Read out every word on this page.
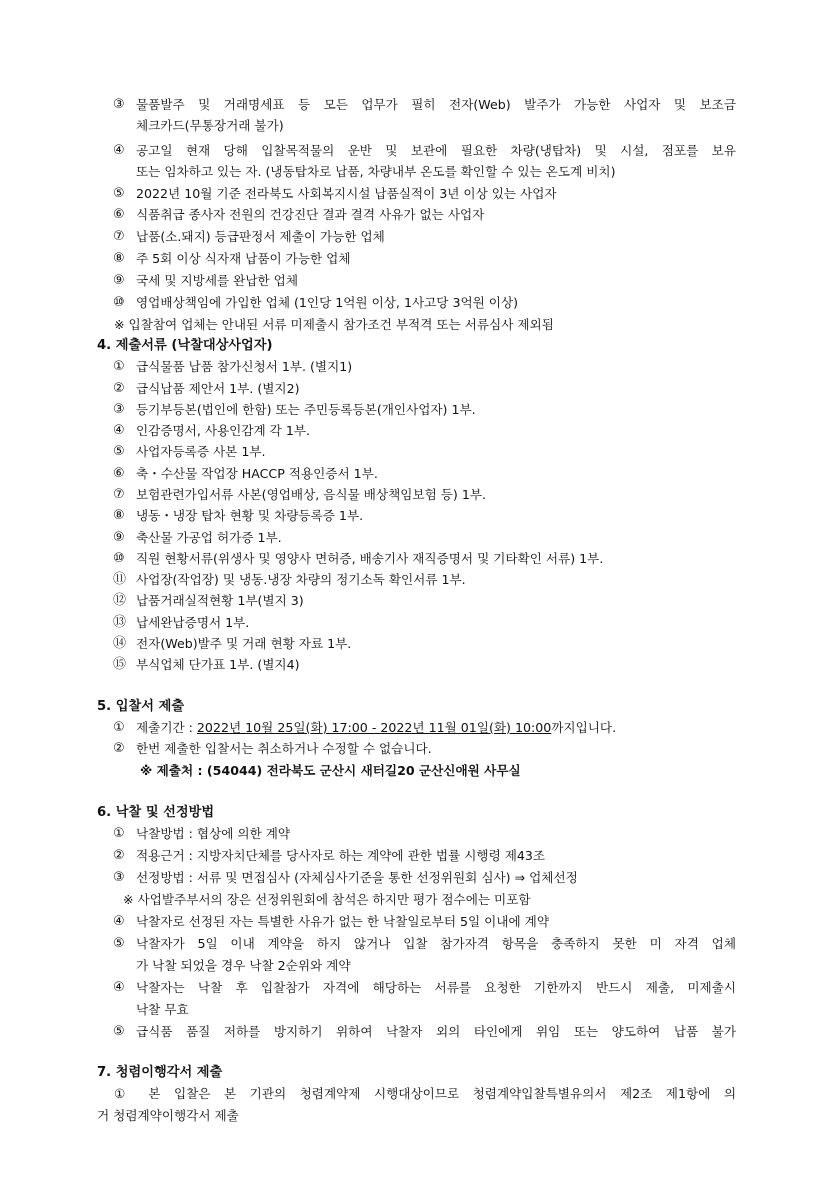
③ 물품발주 및 거래명세표 등 모든 업무가 필히 전자(Web) 발주가 가능한 사업자 및 보조금
체크카드(무통장거래 불가)
④ 공고일 현재 당해 입찰목적물의 운반 및 보관에 필요한 차량(냉탑차) 및 시설, 점포를 보유
또는 임차하고 있는 자. (냉동탑차로 납품, 차량내부 온도를 확인할 수 있는 온도계 비치)
⑤ 2022년 10월 기준 전라북도 사회복지시설 납품실적이 3년 이상 있는 사업자
⑥ 식품취급 종사자 전원의 건강진단 결과 결격 사유가 없는 사업자
⑦ 납품(소.돼지) 등급판정서 제출이 가능한 업체
⑧ 주 5회 이상 식자재 납품이 가능한 업체
⑨ 국세 및 지방세를 완납한 업체
⑩ 영업배상책임에 가입한 업체 (1인당 1억원 이상, 1사고당 3억원 이상)
※ 입찰참여 업체는 안내된 서류 미제출시 참가조건 부적격 또는 서류심사 제외됨
4. 제출서류 (낙찰대상사업자)
① 급식물품 납품 참가신청서 1부. (별지1)
② 급식납품 제안서 1부. (별지2)
③ 등기부등본(법인에 한함) 또는 주민등록등본(개인사업자) 1부.
④ 인감증명서, 사용인감계 각 1부.
⑤ 사업자등록증 사본 1부.
⑥ 축・수산물 작업장 HACCP 적용인증서 1부.
⑦ 보험관련가입서류 사본(영업배상, 음식물 배상책임보험 등) 1부.
⑧ 냉동・냉장 탑차 현황 및 차량등록증 1부.
⑨ 축산물 가공업 허가증 1부.
⑩ 직원 현황서류(위생사 및 영양사 면허증, 배송기사 재직증명서 및 기타확인 서류) 1부.
⑪ 사업장(작업장) 및 냉동.냉장 차량의 정기소독 확인서류 1부.
⑫ 납품거래실적현황 1부(별지 3)
⑬ 납세완납증명서 1부.
⑭ 전자(Web)발주 및 거래 현황 자료 1부.
⑮ 부식업체 단가표 1부. (별지4)
5. 입찰서 제출
① 제출기간 : 2022년 10월 25일(화) 17:00 - 2022년 11월 01일(화) 10:00까지입니다.
② 한번 제출한 입찰서는 취소하거나 수정할 수 없습니다.
※ 제출처 : (54044) 전라북도 군산시 새터길20 군산신애원 사무실
6. 낙찰 및 선정방법
① 낙찰방법 : 협상에 의한 계약
② 적용근거 : 지방자치단체를 당사자로 하는 계약에 관한 법률 시행령 제43조
③ 선정방법 : 서류 및 면접심사 (자체심사기준을 통한 선정위원회 심사) ⇒ 업체선정
※ 사업발주부서의 장은 선정위원회에 참석은 하지만 평가 점수에는 미포함
④ 낙찰자로 선정된 자는 특별한 사유가 없는 한 낙찰일로부터 5일 이내에 계약
⑤ 낙찰자가 5일 이내 계약을 하지 않거나 입찰 참가자격 항목을 충족하지 못한 미 자격 업체
가 낙찰 되었을 경우 낙찰 2순위와 계약
④ 낙찰자는 낙찰 후 입찰참가 자격에 해당하는 서류를 요청한 기한까지 반드시 제출, 미제출시
낙찰 무효
⑤ 급식품 품질 저하를 방지하기 위하여 낙찰자 외의 타인에게 위임 또는 양도하여 납품 불가
7. 청렴이행각서 제출
① 본 입찰은 본 기관의 청렴계약제 시행대상이므로 청렴계약입찰특별유의서 제2조 제1항에 의
거 청렴계약이행각서 제출
